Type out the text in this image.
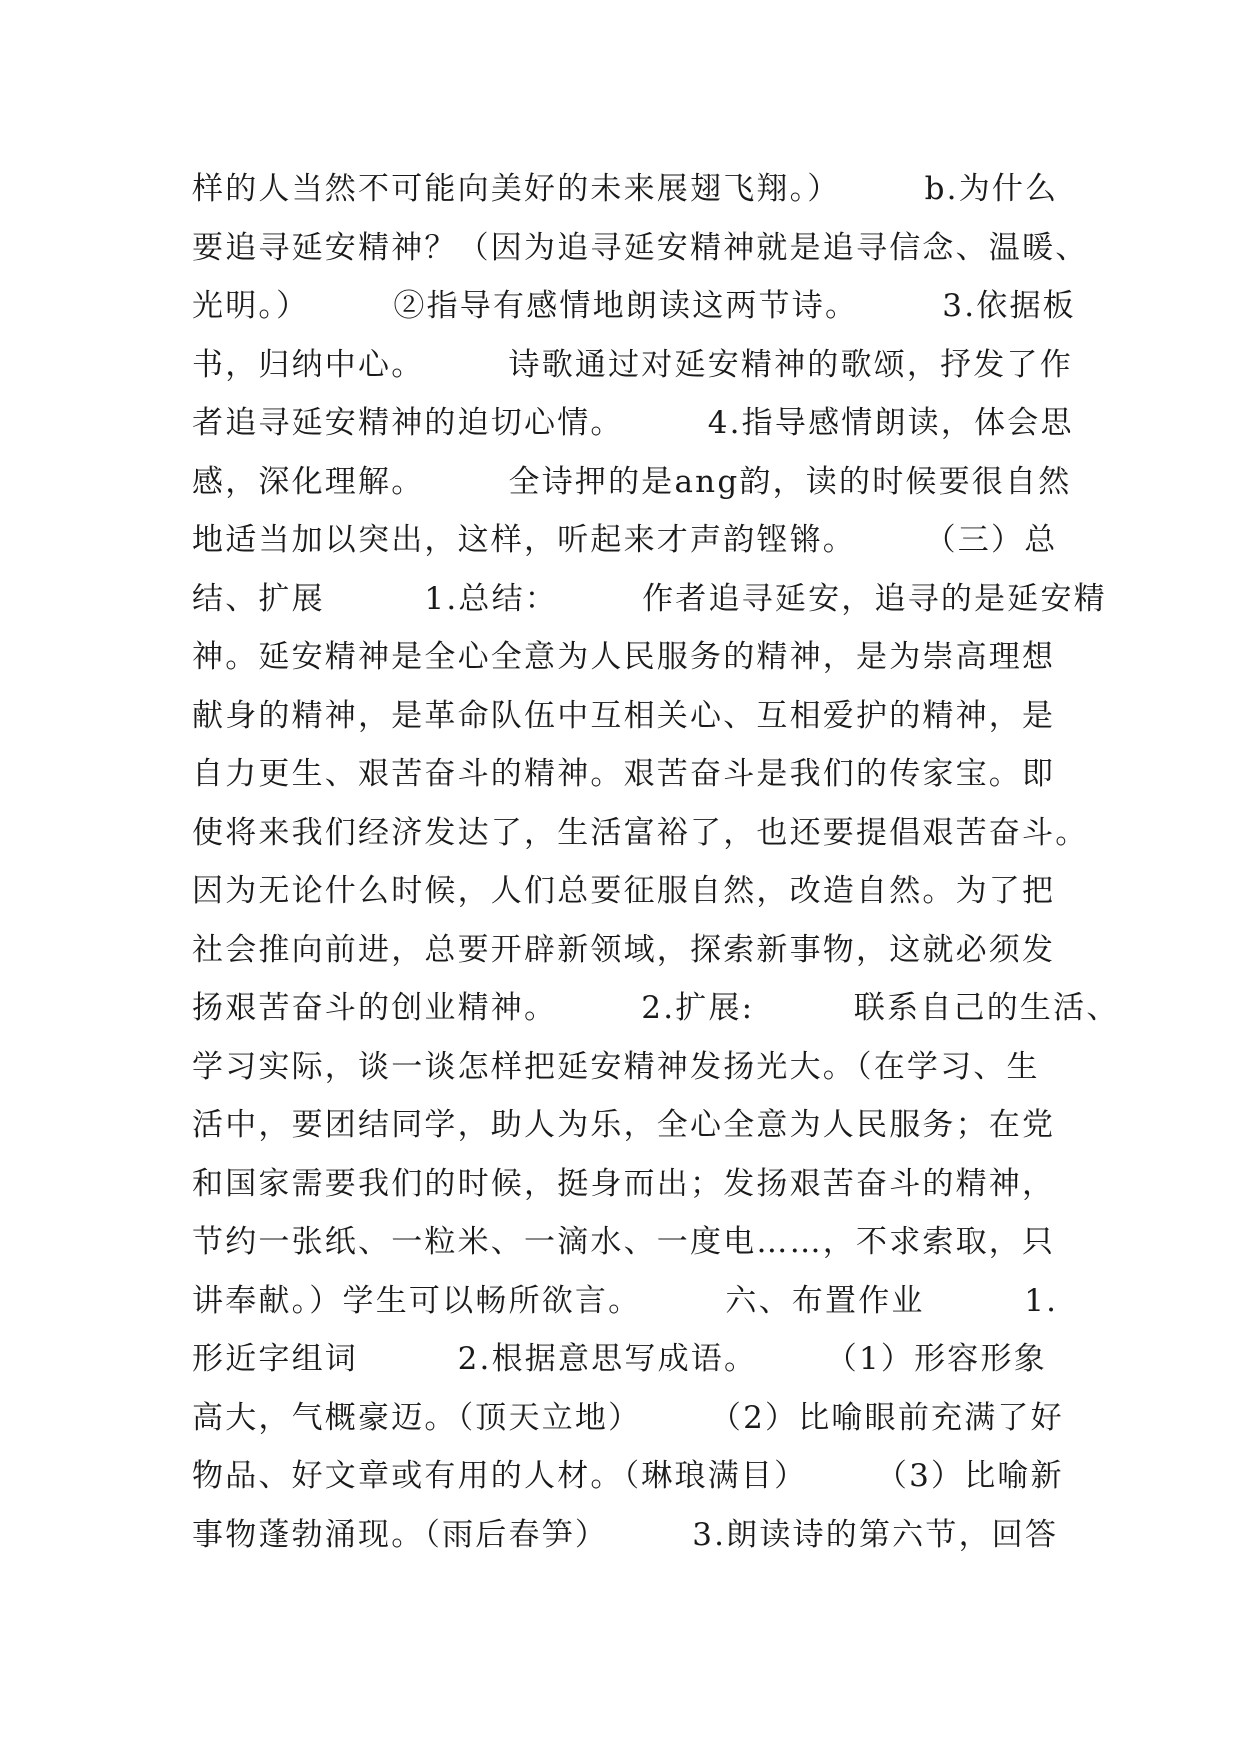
样的人当然不可能向美好的未来展翅飞翔。）　　　b.为什么
要追寻延安精神？（因为追寻延安精神就是追寻信念、温暖、
光明。）　　　②指导有感情地朗读这两节诗。　　　3.依据板
书，归纳中心。　　　诗歌通过对延安精神的歌颂，抒发了作
者追寻延安精神的迫切心情。　　　4.指导感情朗读，体会思
感，深化理解。　　　全诗押的是ang韵，读的时候要很自然
地适当加以突出，这样，听起来才声韵铿锵。　　　（三）总
结、扩展　　　1.总结：　　　作者追寻延安，追寻的是延安精
神。延安精神是全心全意为人民服务的精神，是为崇高理想
献身的精神，是革命队伍中互相关心、互相爱护的精神，是
自力更生、艰苦奋斗的精神。艰苦奋斗是我们的传家宝。即
使将来我们经济发达了，生活富裕了，也还要提倡艰苦奋斗。
因为无论什么时候，人们总要征服自然，改造自然。为了把
社会推向前进，总要开辟新领域，探索新事物，这就必须发
扬艰苦奋斗的创业精神。　　　2.扩展:　　　联系自己的生活、
学习实际，谈一谈怎样把延安精神发扬光大。（在学习、生
活中，要团结同学，助人为乐，全心全意为人民服务；在党
和国家需要我们的时候，挺身而出；发扬艰苦奋斗的精神，
节约一张纸、一粒米、一滴水、一度电……，不求索取，只
讲奉献。）学生可以畅所欲言。　　　六、布置作业　　　1.
形近字组词　　　2.根据意思写成语。　　　（1）形容形象
高大，气概豪迈。（顶天立地）　　　（2）比喻眼前充满了好
物品、好文章或有用的人材。（琳琅满目）　　　（3）比喻新
事物蓬勃涌现。（雨后春笋）　　　3.朗读诗的第六节，回答
